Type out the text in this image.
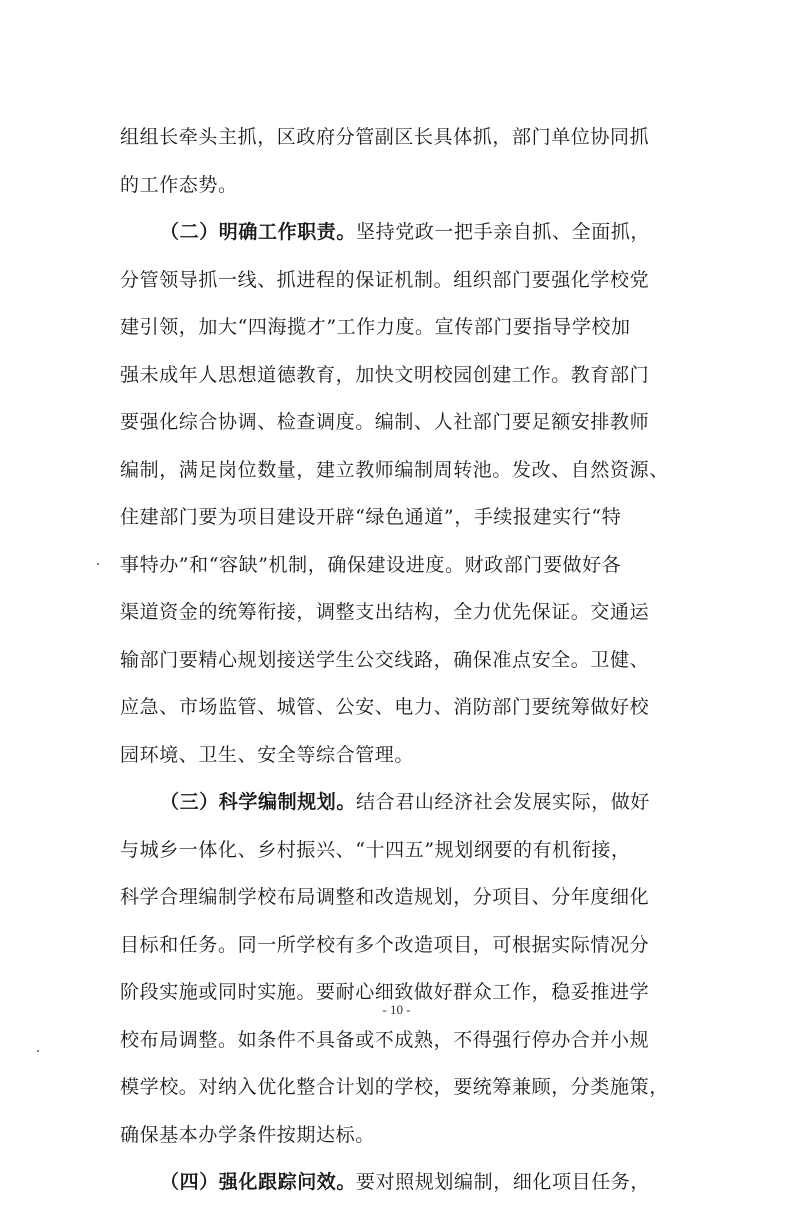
组组长牵头主抓，区政府分管副区长具体抓，部门单位协同抓
的工作态势。
（二）明确工作职责。坚持党政一把手亲自抓、全面抓，
分管领导抓一线、抓进程的保证机制。组织部门要强化学校党
建引领，加大“四海揽才”工作力度。宣传部门要指导学校加
强未成年人思想道德教育，加快文明校园创建工作。教育部门
要强化综合协调、检查调度。编制、人社部门要足额安排教师
编制，满足岗位数量，建立教师编制周转池。发改、自然资源、
住建部门要为项目建设开辟“绿色通道”，手续报建实行“特
事特办”和“容缺”机制，确保建设进度。财政部门要做好各
渠道资金的统筹衔接，调整支出结构，全力优先保证。交通运
输部门要精心规划接送学生公交线路，确保准点安全。卫健、
应急、市场监管、城管、公安、电力、消防部门要统筹做好校
园环境、卫生、安全等综合管理。
（三）科学编制规划。结合君山经济社会发展实际，做好
与城乡一体化、乡村振兴、“十四五”规划纲要的有机衔接，
科学合理编制学校布局调整和改造规划，分项目、分年度细化
目标和任务。同一所学校有多个改造项目，可根据实际情况分
阶段实施或同时实施。要耐心细致做好群众工作，稳妥推进学
校布局调整。如条件不具备或不成熟，不得强行停办合并小规
模学校。对纳入优化整合计划的学校，要统筹兼顾，分类施策，
确保基本办学条件按期达标。
（四）强化跟踪问效。要对照规划编制，细化项目任务，
- 10 -
